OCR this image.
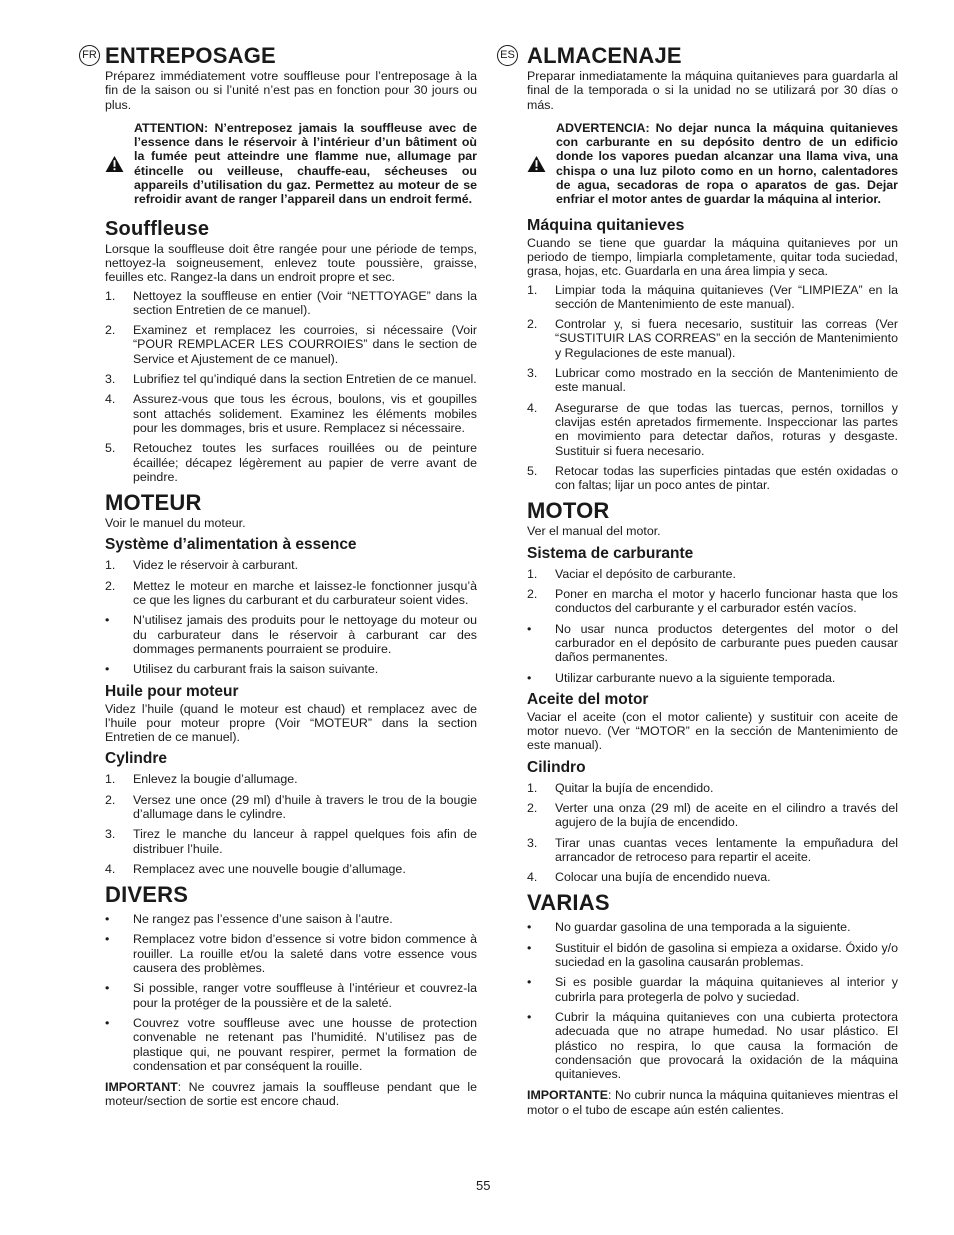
FR	ES
ENTREPOSAGE

Préparez immédiatement votre souffleuse pour l’entreposage à la fin de la saison ou si l’unité n’est pas en fonction pour 30 jours ou plus.

ATTENTION: N’entreposez jamais la souffleuse avec de l’essence dans le réservoir à l’intérieur d’un bâtiment où la fumée peut atteindre une flamme nue, allumage par étincelle ou veilleuse, chauffe-eau, sécheuses ou appareils d’utilisation du gaz. Permettez au moteur de se refroidir avant de ranger l’appareil dans un endroit fermé.

Souffleuse

Lorsque la souffleuse doit être rangée pour une période de temps, nettoyez-la soigneusement, enlevez toute poussière, graisse, feuilles etc. Rangez-la dans un endroit propre et sec.

1. Nettoyez la souffleuse en entier (Voir “NETTOYAGE” dans la section Entretien de ce manuel).
2. Examinez et remplacez les courroies, si nécessaire (Voir “POUR REMPLACER LES COURROIES” dans le section de Service et Ajustement de ce manuel).
3. Lubrifiez tel qu’indiqué dans la section Entretien de ce manuel.
4. Assurez-vous que tous les écrous, boulons, vis et goupilles sont attachés solidement. Examinez les éléments mobiles pour les dommages, bris et usure. Remplacez si nécessaire.
5. Retouchez toutes les surfaces rouillées ou de peinture écaillée; décapez légèrement au papier de verre avant de peindre.
MOTEUR

Voir le manuel du moteur.

Système d’alimentation à essence
1. Videz le réservoir à carburant.
2. Mettez le moteur en marche et laissez-le fonctionner jusqu’à ce que les lignes du carburant et du carburateur soient vides.
• N’utilisez jamais des produits pour le nettoyage du moteur ou du carburateur dans le réservoir à carburant car des dommages permanents pourraient se produire.
• Utilisez du carburant frais la saison suivante.
Huile pour moteur

Videz l’huile (quand le moteur est chaud) et remplacez avec de l’huile pour moteur propre (Voir “MOTEUR” dans la section Entretien de ce manuel).

Cylindre
1. Enlevez la bougie d’allumage.
2. Versez une once (29 ml) d’huile à travers le trou de la bougie d’allumage dans le cylindre.
3. Tirez le manche du lanceur à rappel quelques fois afin de distribuer l’huile.
4. Remplacez avec une nouvelle bougie d’allumage.
DIVERS
• Ne rangez pas l’essence d’une saison à l’autre.
• Remplacez votre bidon d’essence si votre bidon commence à rouiller. La rouille et/ou la saleté dans votre essence vous causera des problèmes.
• Si possible, ranger votre souffleuse à l’intérieur et couvrez-la pour la protéger de la poussière et de la saleté.
• Couvrez votre souffleuse avec une housse de protection convenable ne retenant pas l’humidité. N’utilisez pas de plastique qui, ne pouvant respirer, permet la formation de condensation et par conséquent la rouille.

IMPORTANT: Ne couvrez jamais la souffleuse pendant que le moteur/section de sortie est encore chaud.

ALMACENAJE

Preparar inmediatamente la máquina quitanieves para guardarla al final de la temporada o si la unidad no se utilizará por 30 días o más.

ADVERTENCIA: No dejar nunca la máquina quitanieves con carburante en su depósito dentro de un edificio donde los vapores puedan alcanzar una llama viva, una chispa o una luz piloto como en un horno, calentadores de agua, secadoras de ropa o aparatos de gas. Dejar enfriar el motor antes de guardar la máquina al interior.

Máquina quitanieves

Cuando se tiene que guardar la máquina quitanieves por un periodo de tiempo, limpiarla completamente, quitar toda suciedad, grasa, hojas, etc. Guardarla en una área limpia y seca.

1. Limpiar toda la máquina quitanieves (Ver “LIMPIEZA” en la sección de Mantenimiento de este manual).
2. Controlar y, si fuera necesario, sustituir las correas (Ver “SUSTITUIR LAS CORREAS” en la sección de Mantenimiento y Regulaciones de este manual).
3. Lubricar como mostrado en la sección de Mantenimiento de este manual.
4. Asegurarse de que todas las tuercas, pernos, tornillos y clavijas estén apretados firmemente. Inspeccionar las partes en movimiento para detectar daños, roturas y desgaste. Sustituir si fuera necesario.
5. Retocar todas las superficies pintadas que estén oxidadas o con faltas; lijar un poco antes de pintar.
MOTOR

Ver el manual del motor.

Sistema de carburante
1. Vaciar el depósito de carburante.
2. Poner en marcha el motor y hacerlo funcionar hasta que los conductos del carburante y el carburador estén vacíos.
• No usar nunca productos detergentes del motor o del carburador en el depósito de carburante pues pueden causar daños permanentes.
• Utilizar carburante nuevo a la siguiente temporada.
Aceite del motor

Vaciar el aceite (con el motor caliente) y sustituir con aceite de motor nuevo. (Ver “MOTOR” en la sección de Mantenimiento de este manual).

Cilindro
1. Quitar la bujía de encendido.
2. Verter una onza (29 ml) de aceite en el cilindro a través del agujero de la bujía de encendido.
3. Tirar unas cuantas veces lentamente la empuñadura del arrancador de retroceso para repartir el aceite.
4. Colocar una bujía de encendido nueva.
VARIAS
• No guardar gasolina de una temporada a la siguiente.
• Sustituir el bidón de gasolina si empieza a oxidarse. Óxido y/o suciedad en la gasolina causarán problemas.
• Si es posible guardar la máquina quitanieves al interior y cubrirla para protegerla de polvo y suciedad.
• Cubrir la máquina quitanieves con una cubierta protectora adecuada que no atrape humedad. No usar plástico. El plástico no respira, lo que causa la formación de condensación que provocará la oxidación de la máquina quitanieves.

IMPORTANTE: No cubrir nunca la máquina quitanieves mientras el motor o el tubo de escape aún estén calientes.

55
